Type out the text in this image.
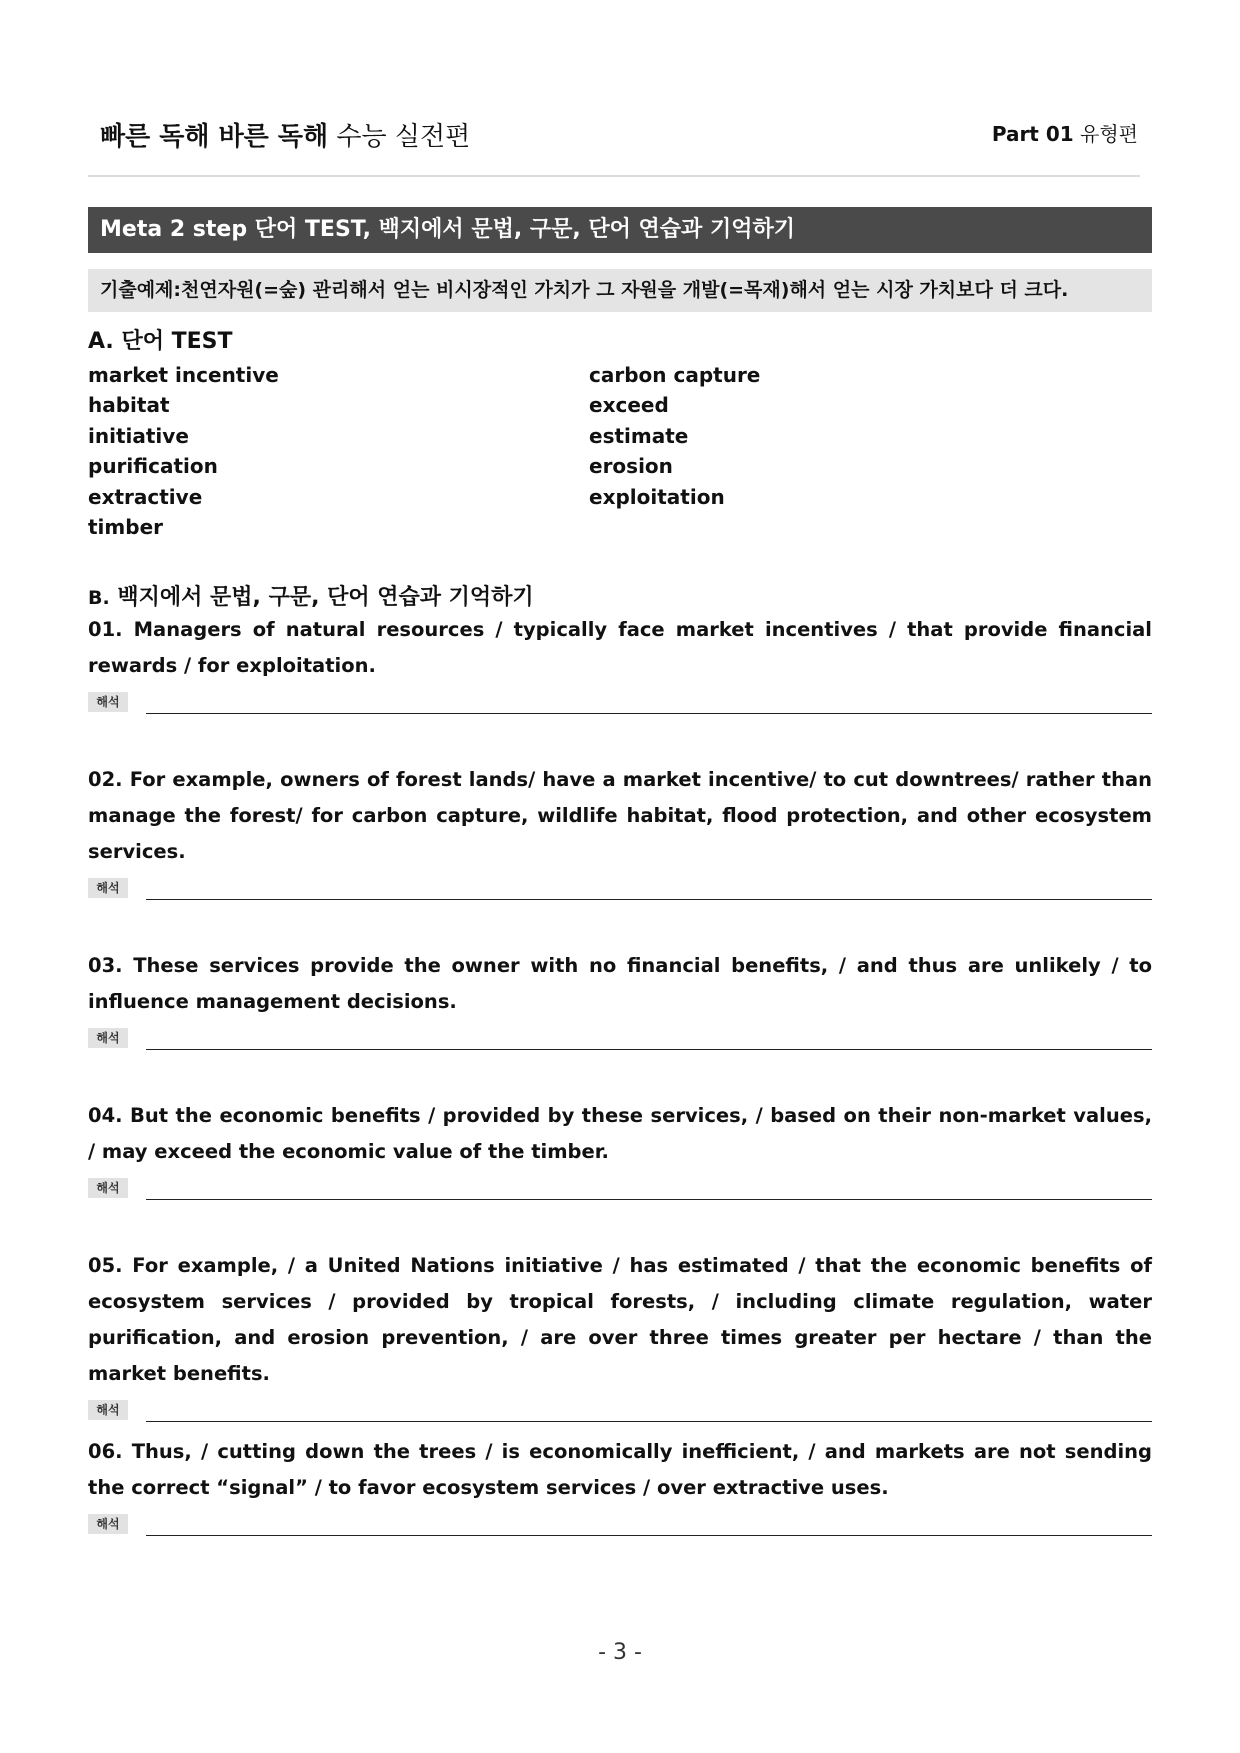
빠른 독해 바른 독해 수능 실전편	Part 01 유형편
Meta 2 step 단어 TEST, 백지에서 문법, 구문, 단어 연습과 기억하기
기출예제:천연자원(=숲) 관리해서 얻는 비시장적인 가치가 그 자원을 개발(=목재)해서 얻는 시장 가치보다 더 크다.
A. 단어 TEST
market incentive
habitat
initiative
purification
extractive
timber
carbon capture
exceed
estimate
erosion
exploitation
B. 백지에서 문법, 구문, 단어 연습과 기억하기
01. Managers of natural resources / typically face market incentives / that provide financial rewards / for exploitation.
해석
02. For example, owners of forest lands/ have a market incentive/ to cut downtrees/ rather than manage the forest/ for carbon capture, wildlife habitat, flood protection, and other ecosystem services.
해석
03. These services provide the owner with no financial benefits, / and thus are unlikely / to influence management decisions.
해석
04. But the economic benefits / provided by these services, / based on their non-market values, / may exceed the economic value of the timber.
해석
05. For example, / a United Nations initiative / has estimated / that the economic benefits of ecosystem services / provided by tropical forests, / including climate regulation, water purification, and erosion prevention, / are over three times greater per hectare / than the market benefits.
해석
06. Thus, / cutting down the trees / is economically inefficient, / and markets are not sending the correct “signal” / to favor ecosystem services / over extractive uses.
해석
- 3 -
